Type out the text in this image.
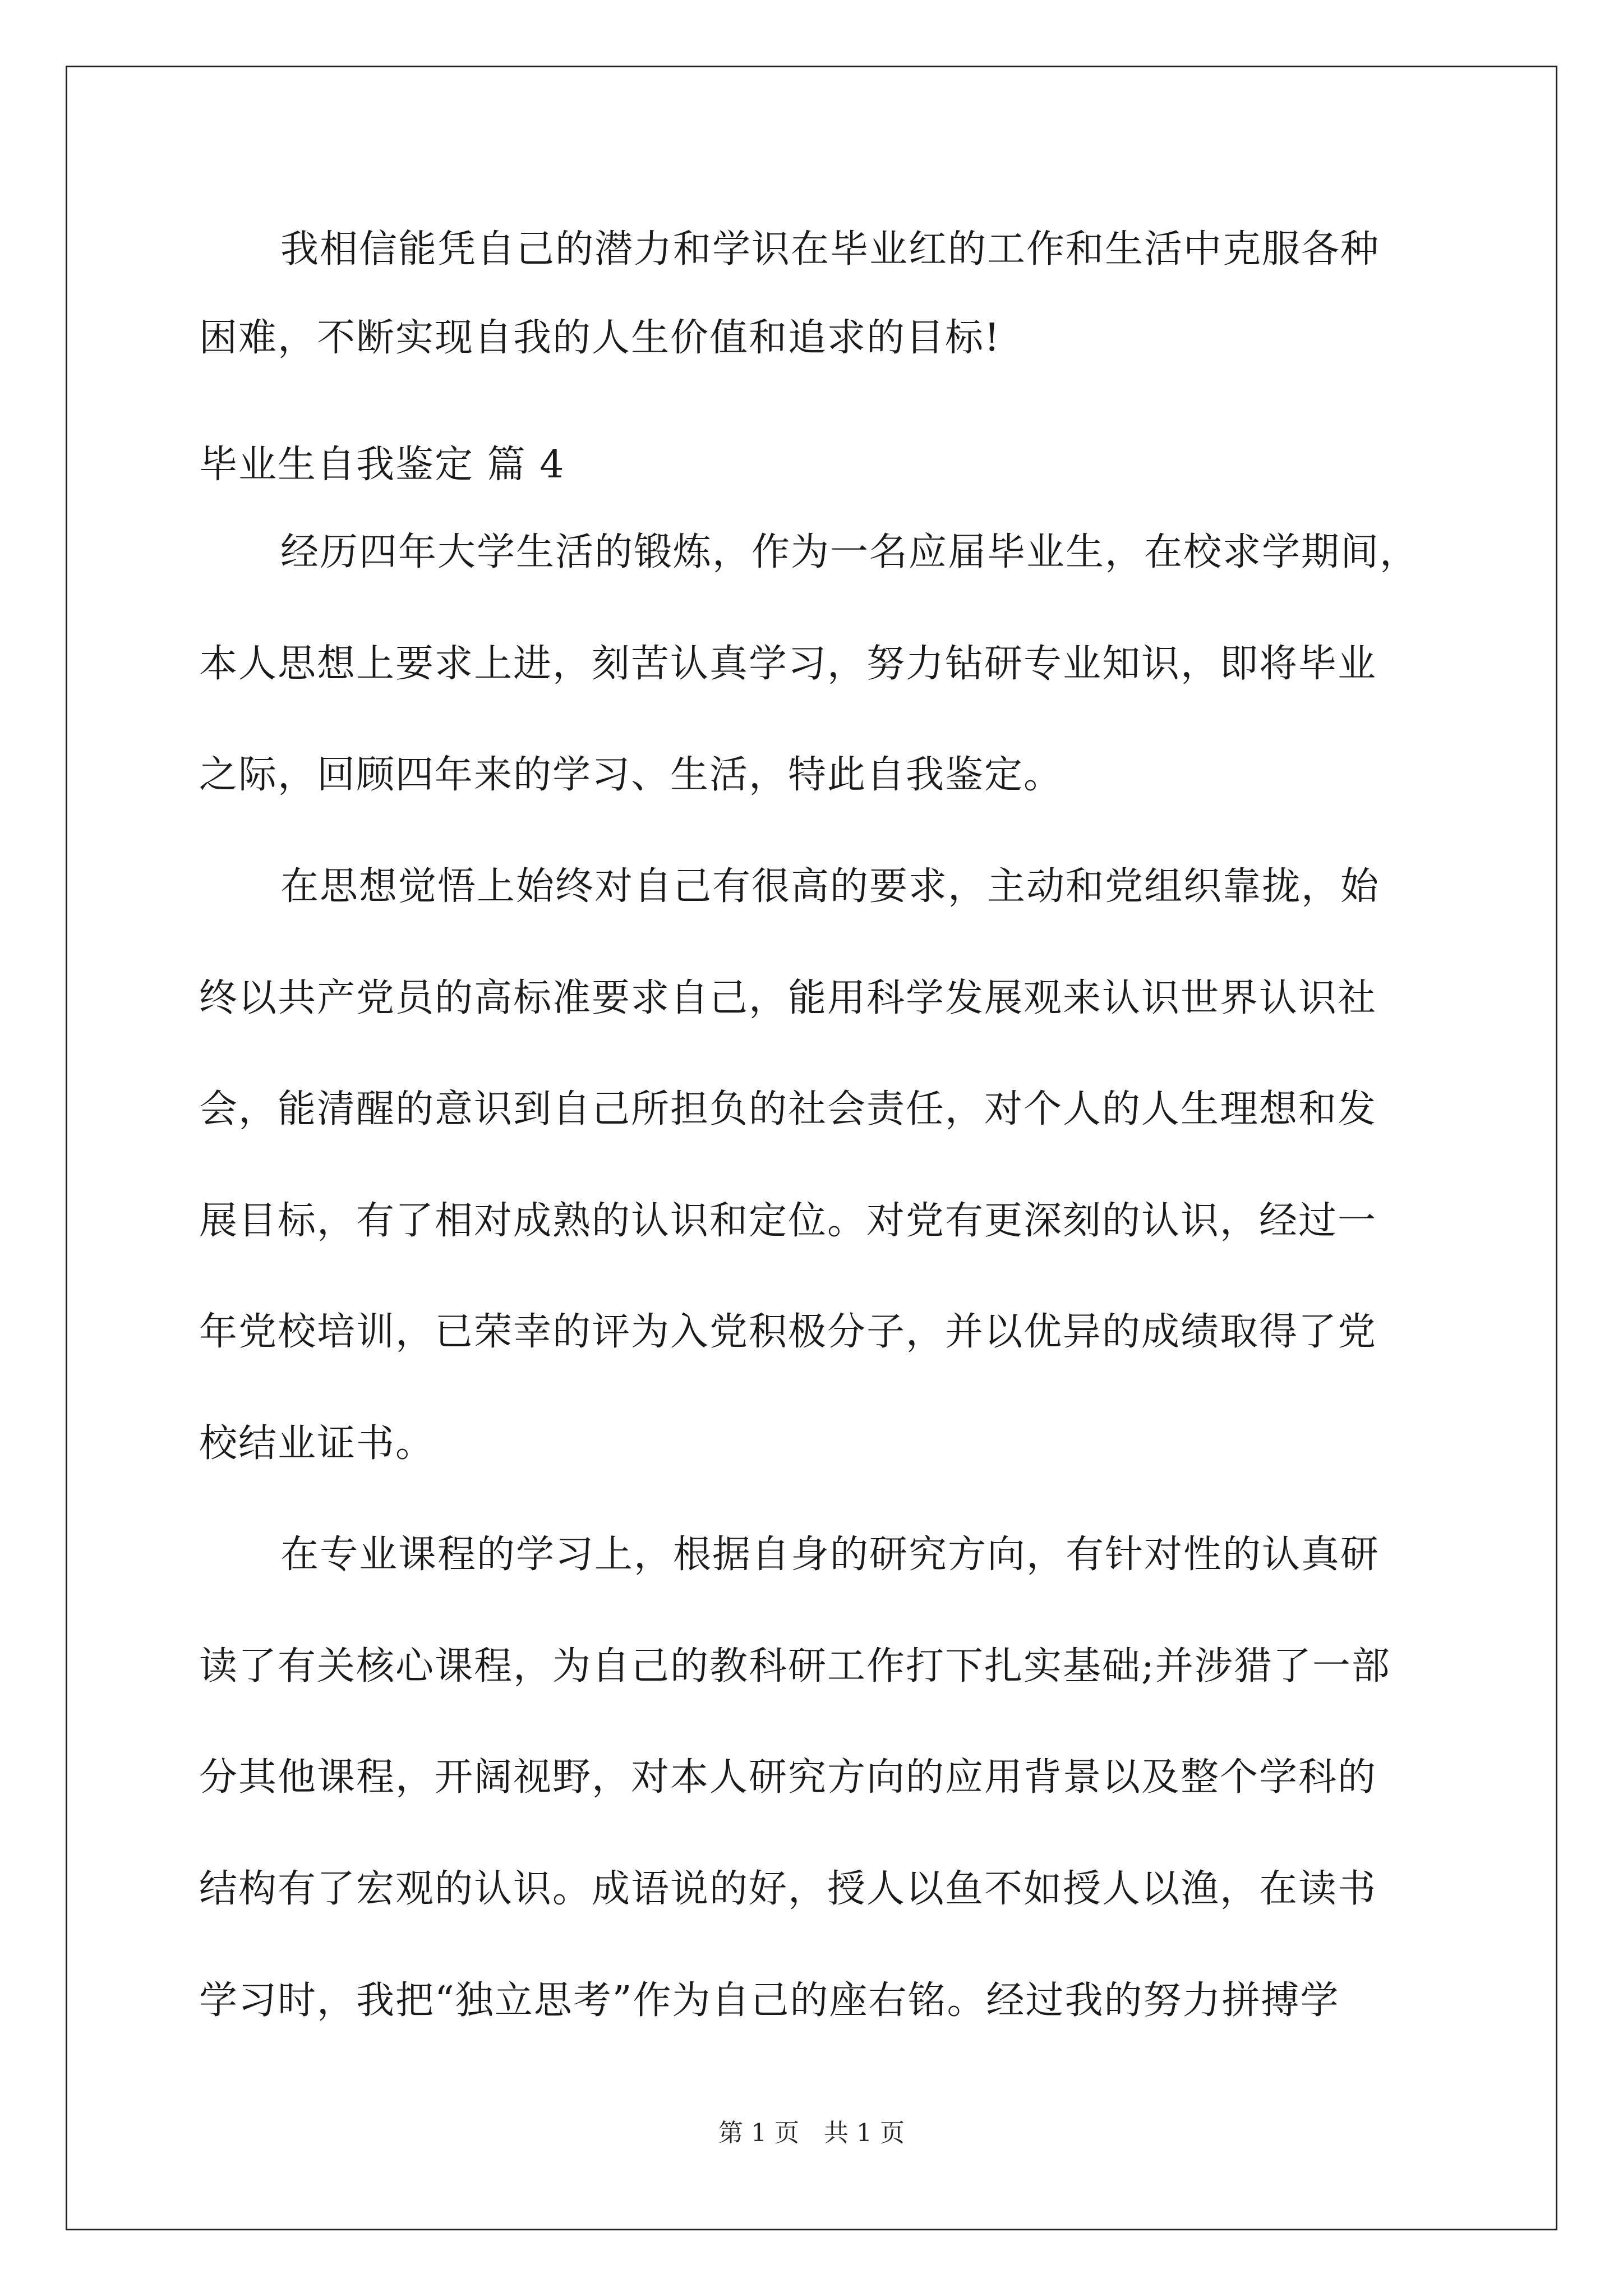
我相信能凭自己的潜力和学识在毕业红的工作和生活中克服各种
困难，不断实现自我的人生价值和追求的目标!
毕业生自我鉴定 篇 4
经历四年大学生活的锻炼，作为一名应届毕业生，在校求学期间，
本人思想上要求上进，刻苦认真学习，努力钻研专业知识，即将毕业
之际，回顾四年来的学习、生活，特此自我鉴定。
在思想觉悟上始终对自己有很高的要求，主动和党组织靠拢，始
终以共产党员的高标准要求自己，能用科学发展观来认识世界认识社
会，能清醒的意识到自己所担负的社会责任，对个人的人生理想和发
展目标，有了相对成熟的认识和定位。对党有更深刻的认识，经过一
年党校培训，已荣幸的评为入党积极分子，并以优异的成绩取得了党
校结业证书。
在专业课程的学习上，根据自身的研究方向，有针对性的认真研
读了有关核心课程，为自己的教科研工作打下扎实基础;并涉猎了一部
分其他课程，开阔视野，对本人研究方向的应用背景以及整个学科的
结构有了宏观的认识。成语说的好，授人以鱼不如授人以渔，在读书
学习时，我把“独立思考”作为自己的座右铭。经过我的努力拼搏学
第 1 页　共 1 页
